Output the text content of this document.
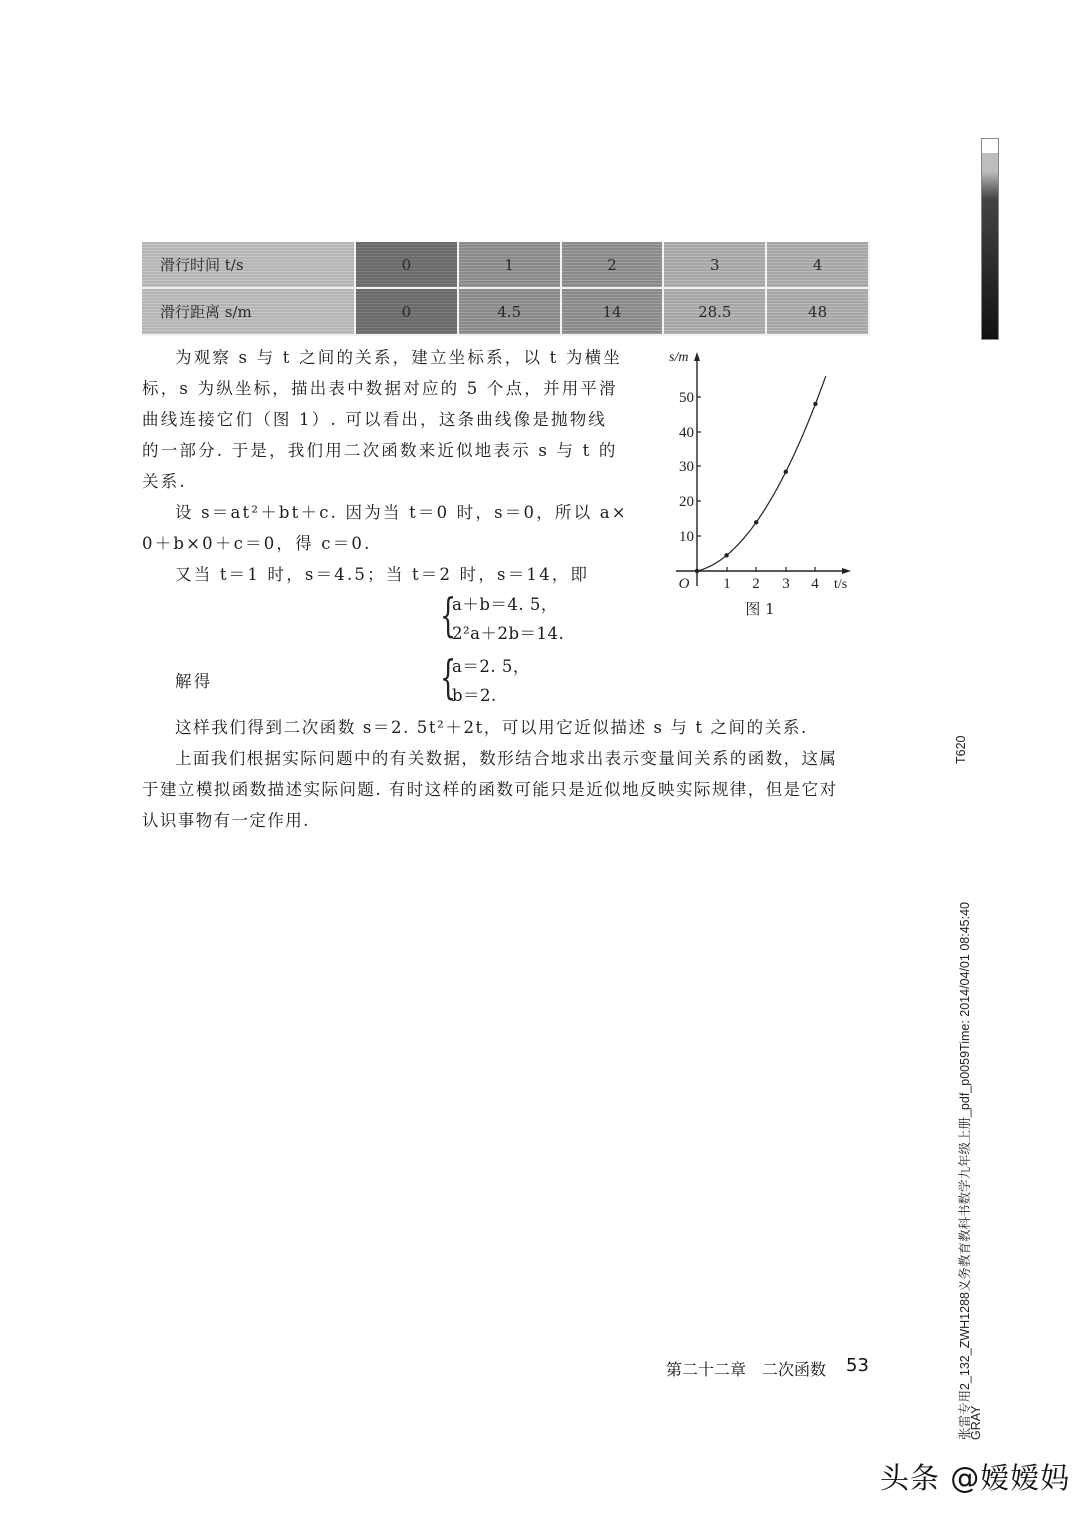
滑行时间 t/s	0	1	2	3	4
滑行距离 s/m	0	4.5	14	28.5	48
为观察 s 与 t 之间的关系，建立坐标系，以 t 为横坐
标，s 为纵坐标，描出表中数据对应的 5 个点，并用平滑
曲线连接它们（图 1）. 可以看出，这条曲线像是抛物线
的一部分. 于是，我们用二次函数来近似地表示 s 与 t 的
关系.
设 s＝at²＋bt＋c. 因为当 t＝0 时，s＝0，所以 a×
0＋b×0＋c＝0，得 c＝0.
又当 t＝1 时，s＝4.5；当 t＝2 时，s＝14，即
{
a＋b＝4. 5，
2²a＋2b＝14.
解得	{
a＝2. 5，
b＝2.
这样我们得到二次函数 s＝2. 5t²＋2t，可以用它近似描述 s 与 t 之间的关系.
上面我们根据实际问题中的有关数据，数形结合地求出表示变量间关系的函数，这属
于建立模拟函数描述实际问题. 有时这样的函数可能只是近似地反映实际规律，但是它对
认识事物有一定作用.
10
20
30
40
50
s/m
1 2 3 4
O	t/s
图 1
第二十二章　二次函数 53
T620
张雷专用2_132_ZWH1288义务教育教科书数学九年级上册_pdf_p0059Time: 2014/04/01 08:45:40
GRAY
头条 @嫒嫒妈
